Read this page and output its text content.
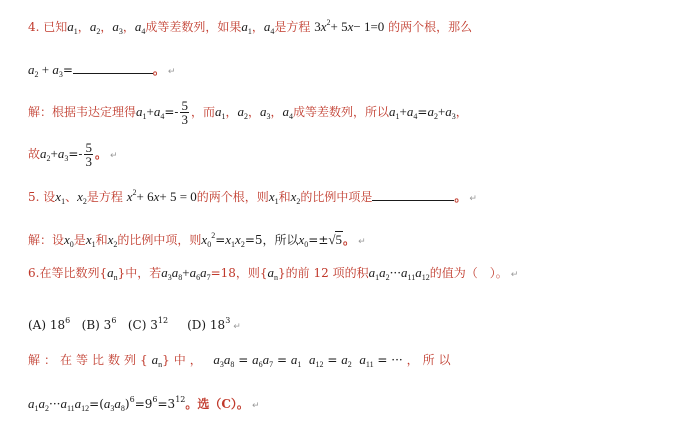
4. 已知$a_1$，$a_2$，$a_3$，$a_4$成等差数列，如果$a_1$，$a_4$是方程 $3x^2+ 5x- 1=0$ 的两个根，那么
$a_2 + a_3=$	。 ↵
解：根据韦达定理得$a_1+a_4=- \frac{5}{3}$ ，而$a_1$，$a_2$，$a_3$，$a_4$成等差数列，所以$a_1+a_4=a_2+a_3$，
故$a_2+a_3=- \frac{5}{3}$ 。 ↵
5. 设$x_1$、$x_2$是方程 $x^2+ 6x+ 5 = 0$的两个根，则$x_1$和$x_2$的比例中项是	。 ↵
解：设$x_0$是$x_1$和$x_2$的比例中项，则$x_0^2=x_1x_2=5$，所以$x_0=\pm√5$。 ↵
6.在等比数列$\{a_n\}$中，若$a_3a_8+a_6a_7=18$，则$\{a_n\}$的前 12 项的积$a_1a_2\cdot\cdot\cdot a_{11}a_{12}$的值为（　）。 ↵
(A) $18^6$ (B) $3^6$ (C) $3^{12}$ (D) $18^3↵$
解：在等比数列$\{a_n\}$中， $a_3a_8 = a_6a_7 = a_1$ $a_{12} = a_2$ $a_{11}$ = ··· ，所以
$a_1a_2\cdot\cdot\cdot a_{11}a_{12}=(a_3a_8)^6=9^6=3^{12}$。选（C）。 ↵
